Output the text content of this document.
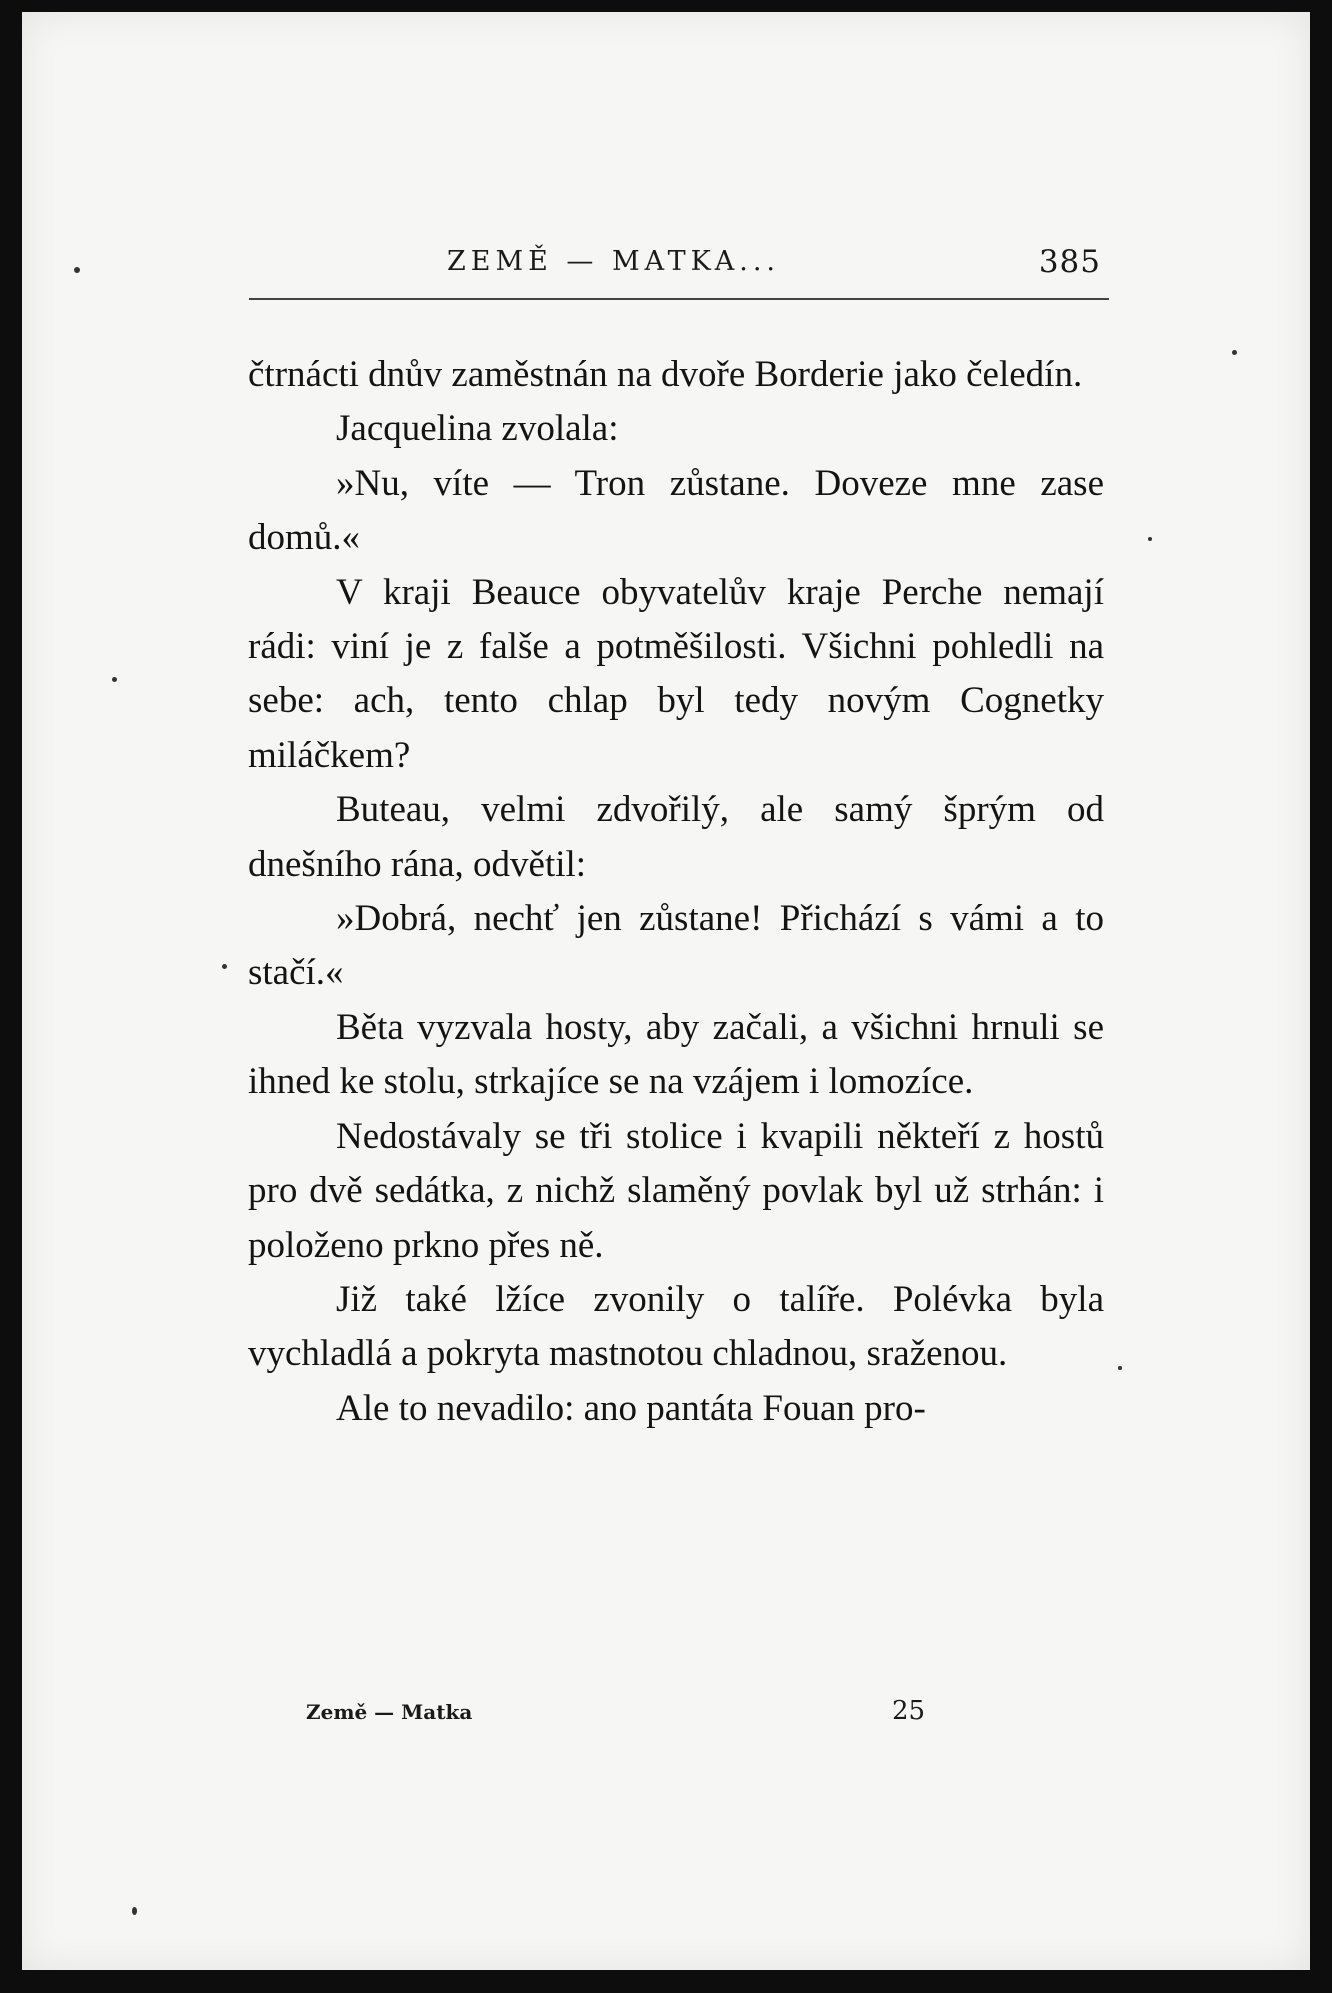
ZEMĚ — MATKA...	385

čtrnácti dnův zaměstnán na dvoře Borderie jako čeledín.

Jacquelina zvolala:

»Nu, víte — Tron zůstane. Doveze mne zase domů.«

V kraji Beauce obyvatelův kraje Perche nemají rádi: viní je z falše a potměšilosti. Všichni pohledli na sebe: ach, tento chlap byl tedy novým Cognetky miláčkem?

Buteau, velmi zdvořilý, ale samý šprým od dnešního rána, odvětil:

»Dobrá, nechť jen zůstane! Přichází s vámi a to stačí.«

Běta vyzvala hosty, aby začali, a všichni hrnuli se ihned ke stolu, strkajíce se na vzájem i lomozíce.

Nedostávaly se tři stolice i kvapili někteří z hostů pro dvě sedátka, z nichž slaměný povlak byl už strhán: i položeno prkno přes ně.

Již také lžíce zvonily o talíře. Polévka byla vychladlá a pokryta mastnotou chladnou, sraženou.

Ale to nevadilo: ano pantáta Fouan pro-

Země — Matka	25
